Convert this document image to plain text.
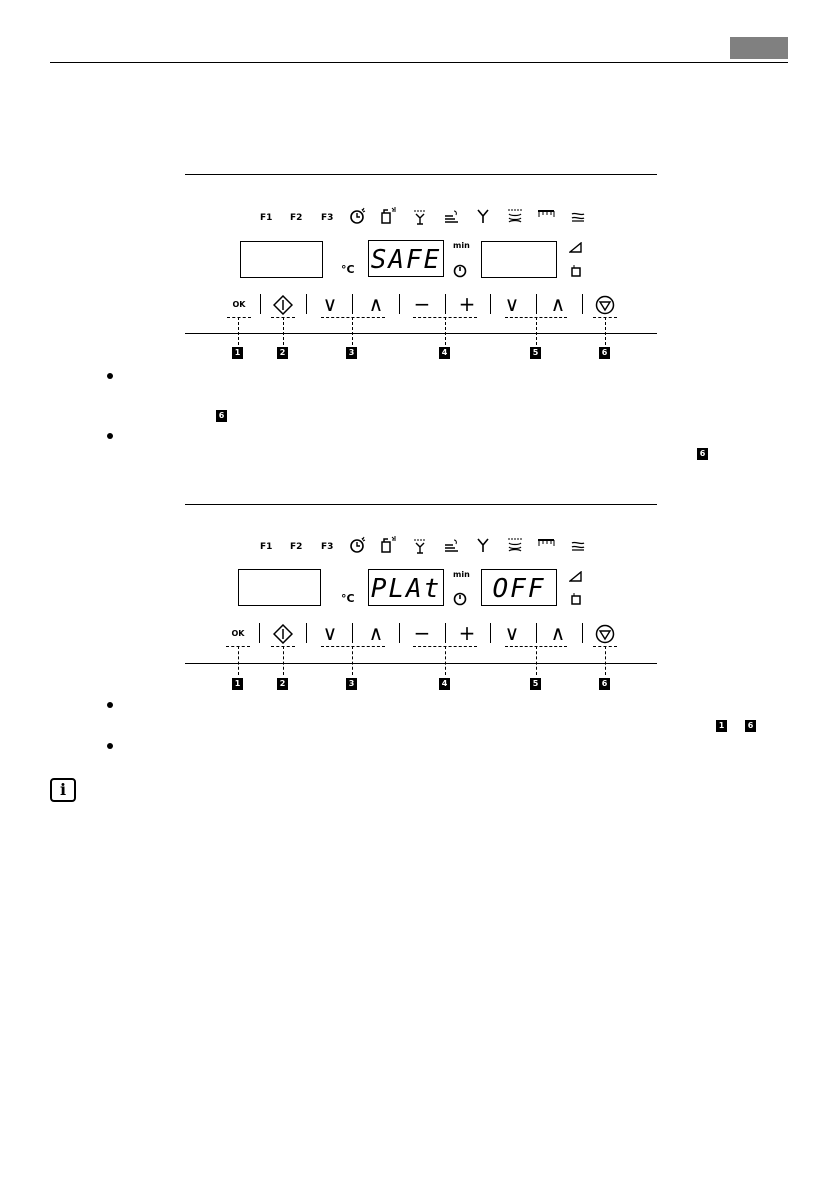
F1 F2 F3
°C SAFE min
OK	∨ ∧ − + ∨ ∧
1	2	3	4	5	6
6
6
F1 F2 F3
°C PLAt min OFF
OK	∨ ∧ − + ∨ ∧
1	2	3	4	5	6
1	6
i
